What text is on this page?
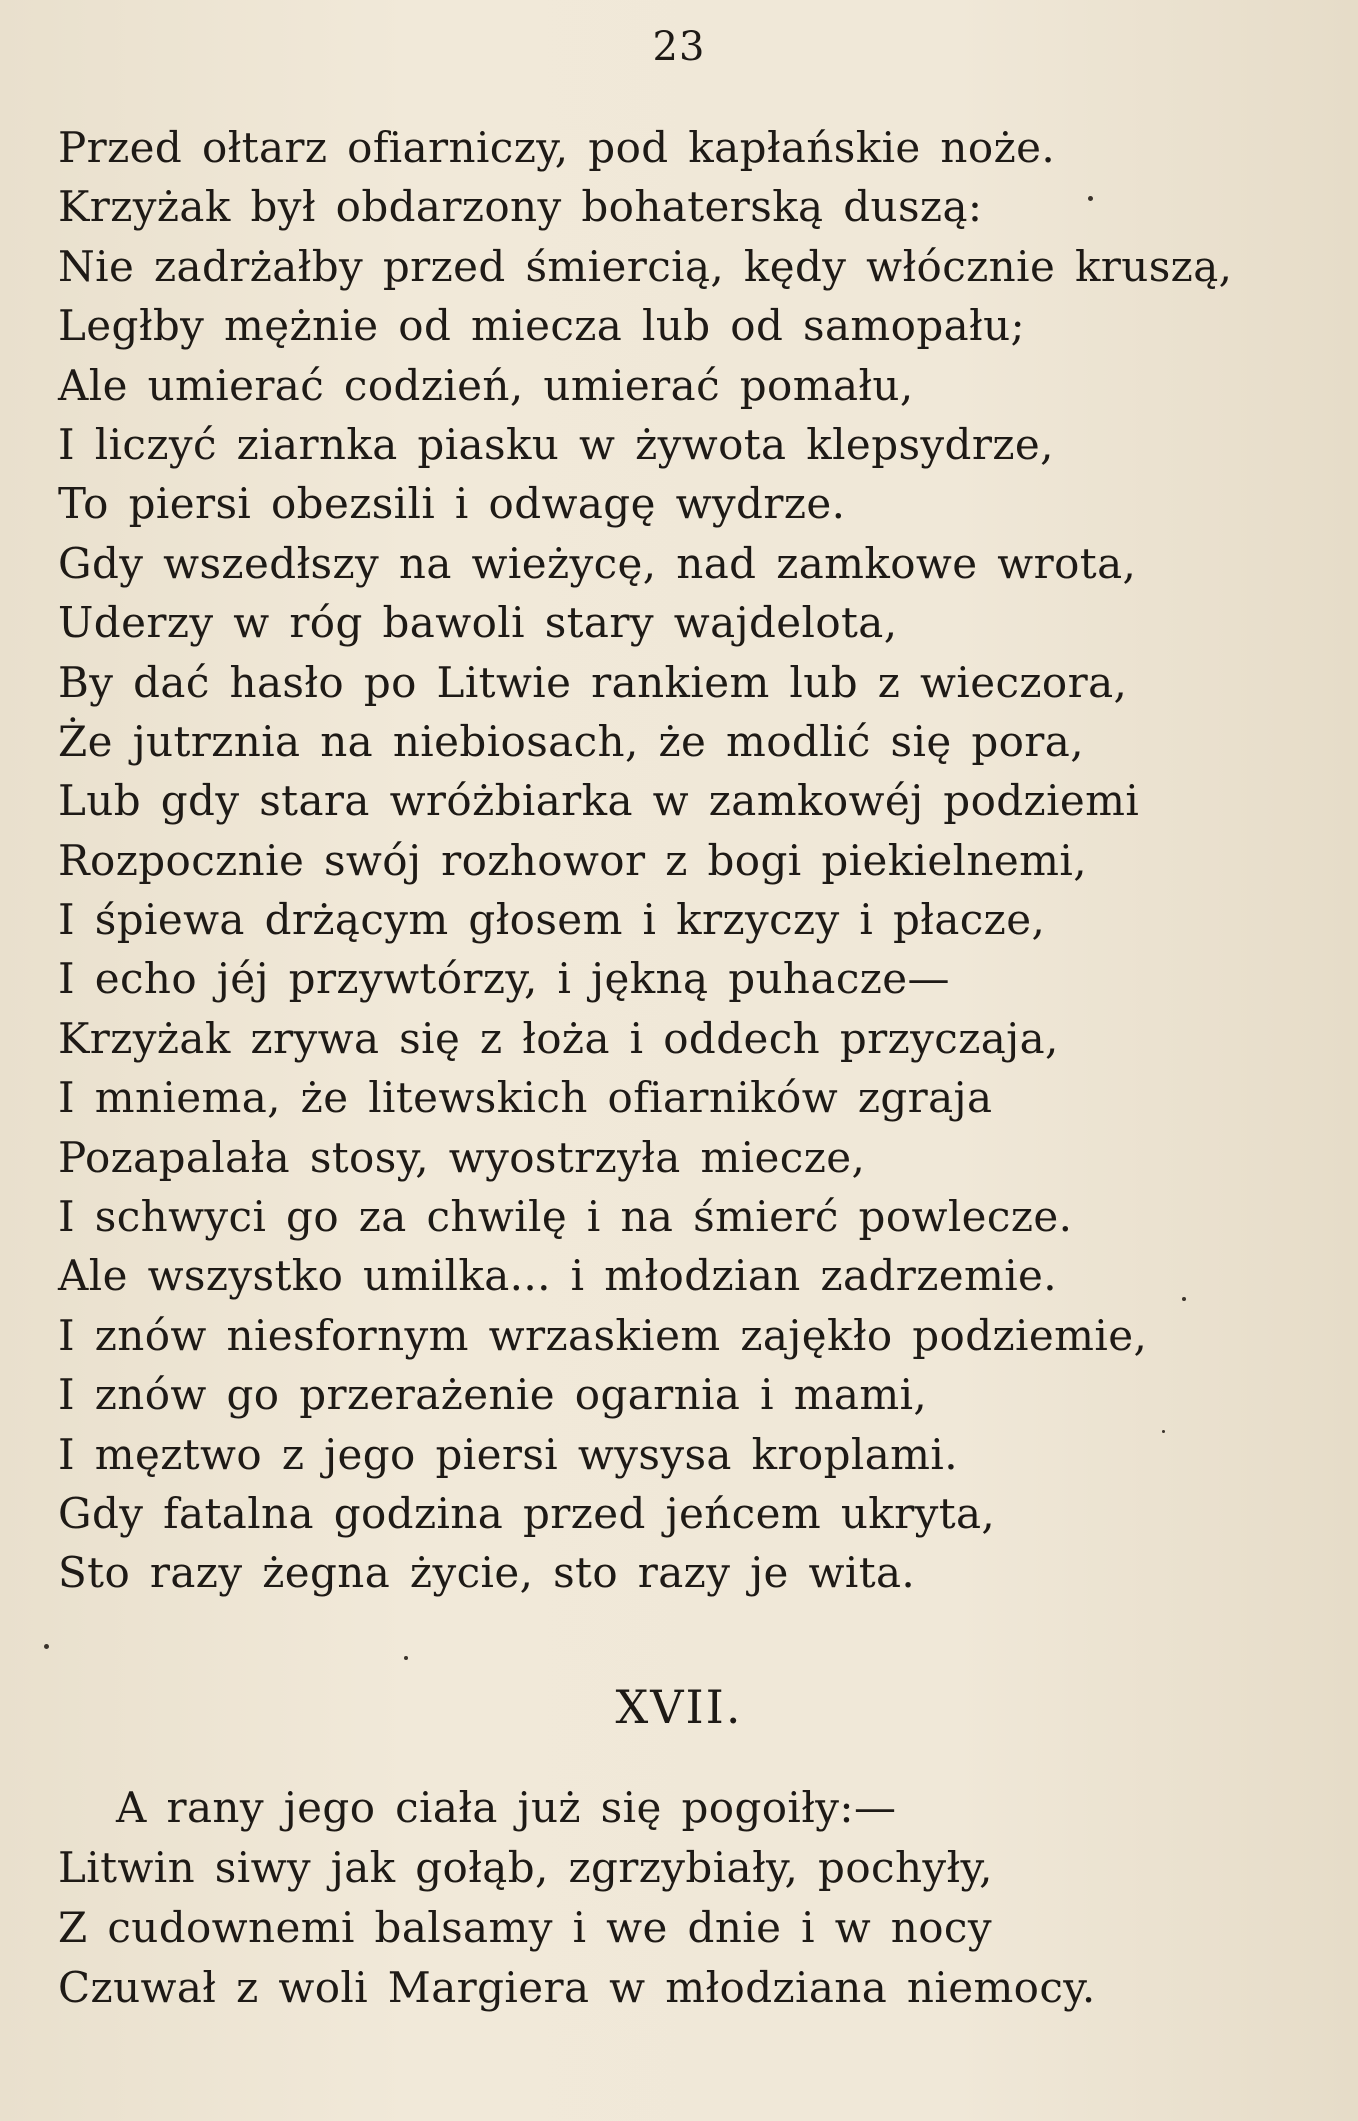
23
Przed ołtarz ofiarniczy, pod kapłańskie noże.
Krzyżak był obdarzony bohaterską duszą:
Nie zadrżałby przed śmiercią, kędy włócznie kruszą,
Ległby mężnie od miecza lub od samopału;
Ale umierać codzień, umierać pomału,
I liczyć ziarnka piasku w żywota klepsydrze,
To piersi obezsili i odwagę wydrze.
Gdy wszedłszy na wieżycę, nad zamkowe wrota,
Uderzy w róg bawoli stary wajdelota,
By dać hasło po Litwie rankiem lub z wieczora,
Że jutrznia na niebiosach, że modlić się pora,
Lub gdy stara wróżbiarka w zamkowéj podziemi
Rozpocznie swój rozhowor z bogi piekielnemi,
I śpiewa drżącym głosem i krzyczy i płacze,
I echo jéj przywtórzy, i jękną puhacze—
Krzyżak zrywa się z łoża i oddech przyczaja,
I mniema, że litewskich ofiarników zgraja
Pozapalała stosy, wyostrzyła miecze,
I schwyci go za chwilę i na śmierć powlecze.
Ale wszystko umilka... i młodzian zadrzemie.
I znów niesfornym wrzaskiem zajękło podziemie,
I znów go przerażenie ogarnia i mami,
I męztwo z jego piersi wysysa kroplami.
Gdy fatalna godzina przed jeńcem ukryta,
Sto razy żegna życie, sto razy je wita.
XVII.
A rany jego ciała już się pogoiły:—
Litwin siwy jak gołąb, zgrzybiały, pochyły,
Z cudownemi balsamy i we dnie i w nocy
Czuwał z woli Margiera w młodziana niemocy.
